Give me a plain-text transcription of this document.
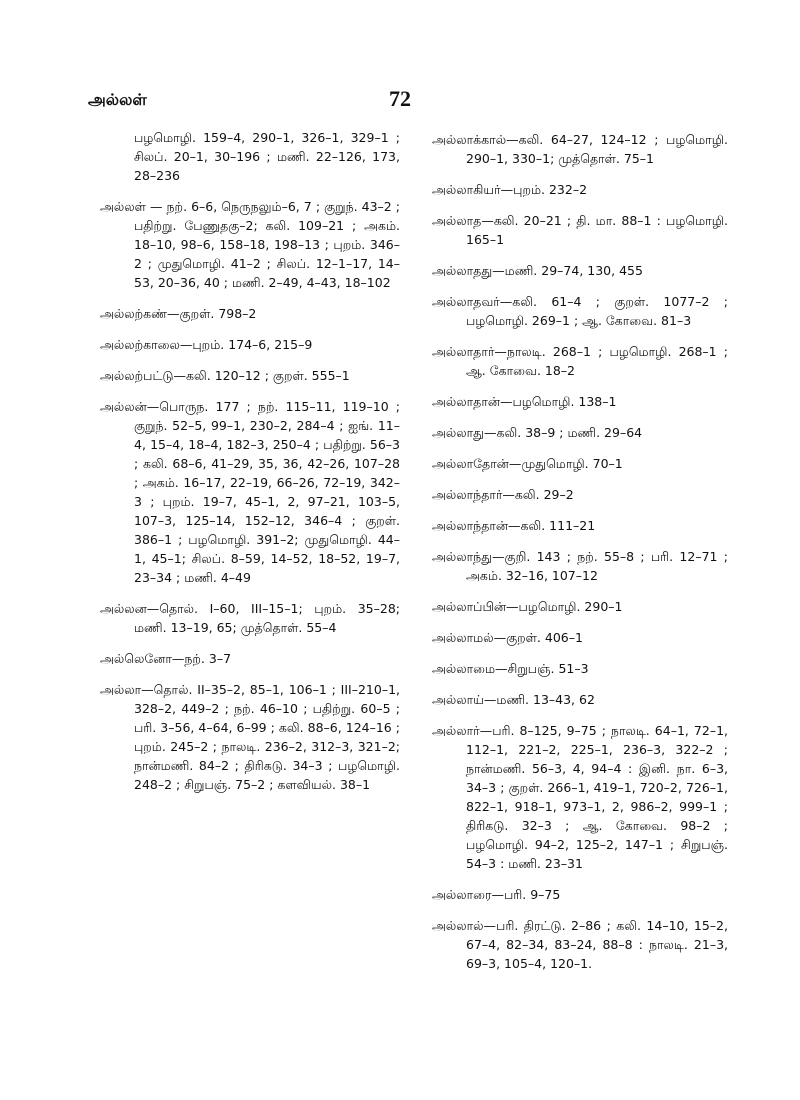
அல்லள்	72

பழமொழி. 159–4, 290–1, 326–1, 329–1 ; சிலப். 20–1, 30–196 ; மணி. 22–126, 173, 28–236

அல்லள் — நற். 6–6, நெருநலும்–6, 7 ; குறுந். 43–2 ; பதிற்று. பேணுதகு–2; கலி. 109–21 ; அகம். 18–10, 98–6, 158–18, 198–13 ; புறம். 346–2 ; முதுமொழி. 41–2 ; சிலப். 12–1–17, 14–53, 20–36, 40 ; மணி. 2–49, 4–43, 18–102

அல்லற்கண்—குறள். 798–2

அல்லற்காலை—புறம். 174–6, 215–9

அல்லற்பட்டு—கலி. 120–12 ; குறள். 555–1

அல்லன்—பொருந. 177 ; நற். 115–11, 119–10 ; குறுந். 52–5, 99–1, 230–2, 284–4 ; ஐங். 11–4, 15–4, 18–4, 182–3, 250–4 ; பதிற்று. 56–3 ; கலி. 68–6, 41–29, 35, 36, 42–26, 107–28 ; அகம். 16–17, 22–19, 66–26, 72–19, 342–3 ; புறம். 19–7, 45–1, 2, 97–21, 103–5, 107–3, 125–14, 152–12, 346–4 ; குறள். 386–1 ; பழமொழி. 391–2; முதுமொழி. 44–1, 45–1; சிலப். 8–59, 14–52, 18–52, 19–7, 23–34 ; மணி. 4–49

அல்லன—தொல். I–60, III–15–1; புறம். 35–28; மணி. 13–19, 65; முத்தொள். 55–4

அல்லெனோ—நற். 3–7

அல்லா—தொல். II–35–2, 85–1, 106–1 ; III–210–1, 328–2, 449–2 ; நற். 46–10 ; பதிற்று. 60–5 ; பரி. 3–56, 4–64, 6–99 ; கலி. 88–6, 124–16 ; புறம். 245–2 ; நாலடி. 236–2, 312–3, 321–2; நான்மணி. 84–2 ; திரிகடு. 34–3 ; பழமொழி. 248–2 ; சிறுபஞ். 75–2 ; களவியல். 38–1

அல்லாக்கால்—கலி. 64–27, 124–12 ; பழமொழி. 290–1, 330–1; முத்தொள். 75–1

அல்லாகியர்—புறம். 232–2

அல்லாத—கலி. 20–21 ; தி. மா. 88–1 : பழமொழி. 165–1

அல்லாதது—மணி. 29–74, 130, 455

அல்லாதவர்—கலி. 61–4 ; குறள். 1077–2 ; பழமொழி. 269–1 ; ஆ. கோவை. 81–3

அல்லாதார்—நாலடி. 268–1 ; பழமொழி. 268–1 ; ஆ. கோவை. 18–2

அல்லாதான்—பழமொழி. 138–1

அல்லாது—கலி. 38–9 ; மணி. 29–64

அல்லாதோன்—முதுமொழி. 70–1

அல்லாந்தார்—கலி. 29–2

அல்லாந்தான்—கலி. 111–21

அல்லாந்து—குறி. 143 ; நற். 55–8 ; பரி. 12–71 ; அகம். 32–16, 107–12

அல்லாப்பின்—பழமொழி. 290–1

அல்லாமல்—குறள். 406–1

அல்லாமை—சிறுபஞ். 51–3

அல்லாய்—மணி. 13–43, 62

அல்லார்—பரி. 8–125, 9–75 ; நாலடி. 64–1, 72–1, 112–1, 221–2, 225–1, 236–3, 322–2 ; நான்மணி. 56–3, 4, 94–4 : இனி. நா. 6–3, 34–3 ; குறள். 266–1, 419–1, 720–2, 726–1, 822–1, 918–1, 973–1, 2, 986–2, 999–1 ; திரிகடு. 32–3 ; ஆ. கோவை. 98–2 ; பழமொழி. 94–2, 125–2, 147–1 ; சிறுபஞ். 54–3 : மணி. 23–31

அல்லாரை—பரி. 9–75

அல்லால்—பரி. திரட்டு. 2–86 ; கலி. 14–10, 15–2, 67–4, 82–34, 83–24, 88–8 : நாலடி. 21–3, 69–3, 105–4, 120–1.
